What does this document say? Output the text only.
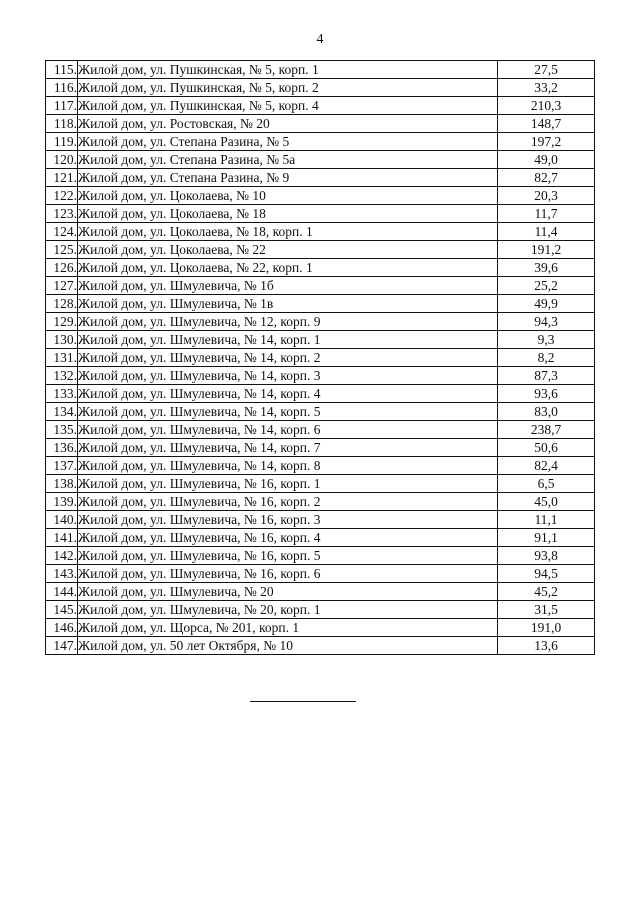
4
115.	Жилой дом, ул. Пушкинская, № 5, корп. 1	27,5
116.	Жилой дом, ул. Пушкинская, № 5, корп. 2	33,2
117.	Жилой дом, ул. Пушкинская, № 5, корп. 4	210,3
118.	Жилой дом, ул. Ростовская, № 20	148,7
119.	Жилой дом, ул. Степана Разина, № 5	197,2
120.	Жилой дом, ул. Степана Разина, № 5а	49,0
121.	Жилой дом, ул. Степана Разина, № 9	82,7
122.	Жилой дом, ул. Цоколаева, № 10	20,3
123.	Жилой дом, ул. Цоколаева, № 18	11,7
124.	Жилой дом, ул. Цоколаева, № 18, корп. 1	11,4
125.	Жилой дом, ул. Цоколаева, № 22	191,2
126.	Жилой дом, ул. Цоколаева, № 22, корп. 1	39,6
127.	Жилой дом, ул. Шмулевича, № 1б	25,2
128.	Жилой дом, ул. Шмулевича, № 1в	49,9
129.	Жилой дом, ул. Шмулевича, № 12, корп. 9	94,3
130.	Жилой дом, ул. Шмулевича, № 14, корп. 1	9,3
131.	Жилой дом, ул. Шмулевича, № 14, корп. 2	8,2
132.	Жилой дом, ул. Шмулевича, № 14, корп. 3	87,3
133.	Жилой дом, ул. Шмулевича, № 14, корп. 4	93,6
134.	Жилой дом, ул. Шмулевича, № 14, корп. 5	83,0
135.	Жилой дом, ул. Шмулевича, № 14, корп. 6	238,7
136.	Жилой дом, ул. Шмулевича, № 14, корп. 7	50,6
137.	Жилой дом, ул. Шмулевича, № 14, корп. 8	82,4
138.	Жилой дом, ул. Шмулевича, № 16, корп. 1	6,5
139.	Жилой дом, ул. Шмулевича, № 16, корп. 2	45,0
140.	Жилой дом, ул. Шмулевича, № 16, корп. 3	11,1
141.	Жилой дом, ул. Шмулевича, № 16, корп. 4	91,1
142.	Жилой дом, ул. Шмулевича, № 16, корп. 5	93,8
143.	Жилой дом, ул. Шмулевича, № 16, корп. 6	94,5
144.	Жилой дом, ул. Шмулевича, № 20	45,2
145.	Жилой дом, ул. Шмулевича, № 20, корп. 1	31,5
146.	Жилой дом, ул. Щорса, № 201, корп. 1	191,0
147.	Жилой дом, ул. 50 лет Октября, № 10	13,6
